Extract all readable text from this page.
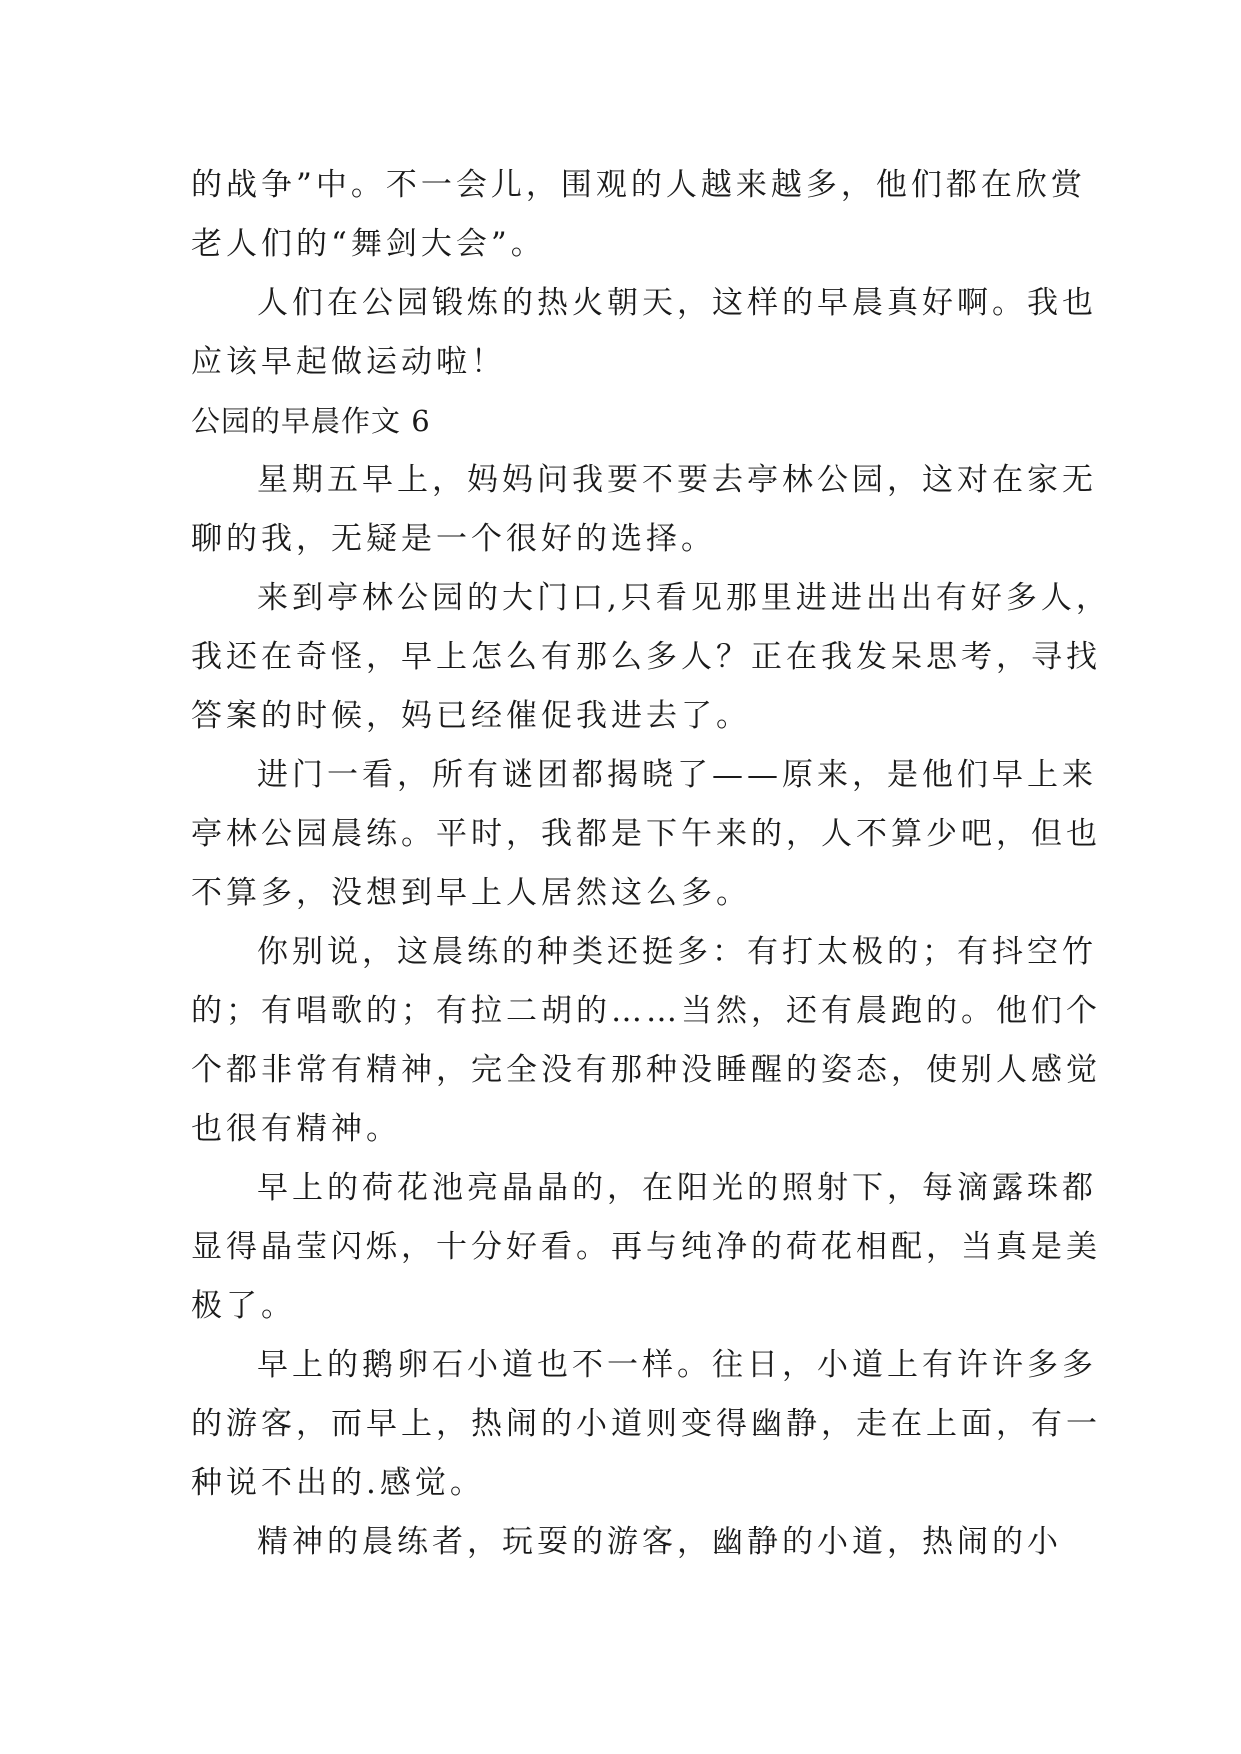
的战争”中。不一会儿，围观的人越来越多，他们都在欣赏

老人们的“舞剑大会”。

人们在公园锻炼的热火朝天，这样的早晨真好啊。我也

应该早起做运动啦！

公园的早晨作文 6

星期五早上，妈妈问我要不要去亭林公园，这对在家无

聊的我，无疑是一个很好的选择。

来到亭林公园的大门口,只看见那里进进出出有好多人，

我还在奇怪，早上怎么有那么多人？正在我发呆思考，寻找

答案的时候，妈已经催促我进去了。

进门一看，所有谜团都揭晓了——原来，是他们早上来

亭林公园晨练。平时，我都是下午来的，人不算少吧，但也

不算多，没想到早上人居然这么多。

你别说，这晨练的种类还挺多：有打太极的；有抖空竹

的；有唱歌的；有拉二胡的……当然，还有晨跑的。他们个

个都非常有精神，完全没有那种没睡醒的姿态，使别人感觉

也很有精神。

早上的荷花池亮晶晶的，在阳光的照射下，每滴露珠都

显得晶莹闪烁，十分好看。再与纯净的荷花相配，当真是美

极了。

早上的鹅卵石小道也不一样。往日，小道上有许许多多

的游客，而早上，热闹的小道则变得幽静，走在上面，有一

种说不出的.感觉。

精神的晨练者，玩耍的游客，幽静的小道，热闹的小
